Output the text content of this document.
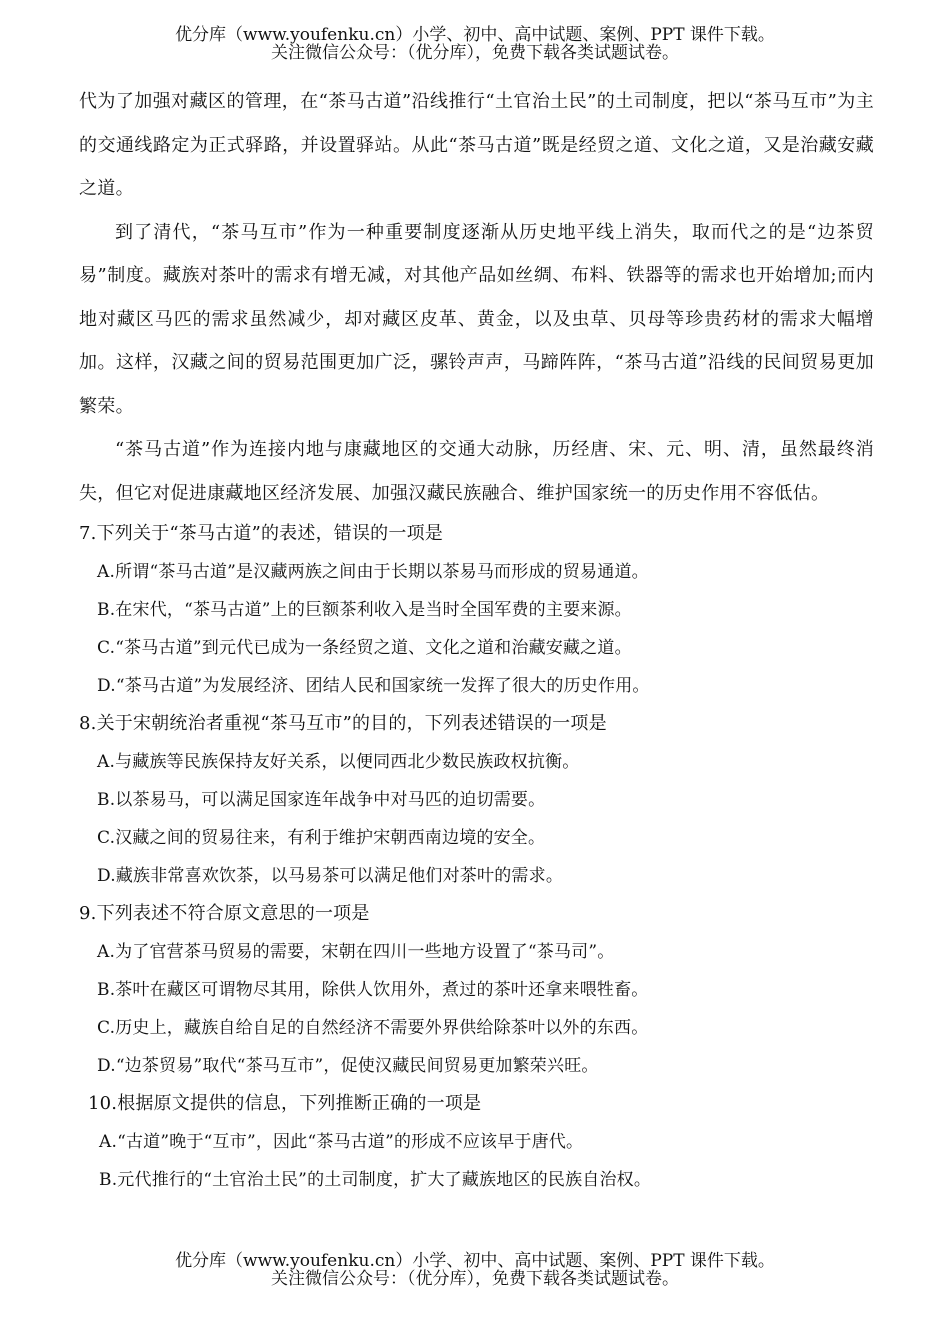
优分库（www.youfenku.cn）小学、初中、高中试题、案例、PPT 课件下载。
关注微信公众号：（优分库），免费下载各类试题试卷。

代为了加强对藏区的管理，在“茶马古道”沿线推行“土官治土民”的土司制度，把以“茶马互市”为主的交通线路定为正式驿路，并设置驿站。从此“茶马古道”既是经贸之道、文化之道，又是治藏安藏之道。

到了清代，“茶马互市”作为一种重要制度逐渐从历史地平线上消失，取而代之的是“边茶贸易”制度。藏族对茶叶的需求有增无减，对其他产品如丝绸、布料、铁器等的需求也开始增加;而内地对藏区马匹的需求虽然减少，却对藏区皮革、黄金，以及虫草、贝母等珍贵药材的需求大幅增加。这样，汉藏之间的贸易范围更加广泛，骡铃声声，马蹄阵阵，“茶马古道”沿线的民间贸易更加繁荣。

“茶马古道”作为连接内地与康藏地区的交通大动脉，历经唐、宋、元、明、清，虽然最终消失，但它对促进康藏地区经济发展、加强汉藏民族融合、维护国家统一的历史作用不容低估。

7.下列关于“茶马古道”的表述，错误的一项是

A.所谓“茶马古道”是汉藏两族之间由于长期以茶易马而形成的贸易通道。

B.在宋代，“茶马古道”上的巨额茶利收入是当时全国军费的主要来源。

C.“茶马古道”到元代已成为一条经贸之道、文化之道和治藏安藏之道。

D.“茶马古道”为发展经济、团结人民和国家统一发挥了很大的历史作用。

8.关于宋朝统治者重视“茶马互市”的目的，下列表述错误的一项是

A.与藏族等民族保持友好关系，以便同西北少数民族政权抗衡。

B.以茶易马，可以满足国家连年战争中对马匹的迫切需要。

C.汉藏之间的贸易往来，有利于维护宋朝西南边境的安全。

D.藏族非常喜欢饮茶，以马易茶可以满足他们对茶叶的需求。

9.下列表述不符合原文意思的一项是

A.为了官营茶马贸易的需要，宋朝在四川一些地方设置了“茶马司”。

B.茶叶在藏区可谓物尽其用，除供人饮用外，煮过的茶叶还拿来喂牲畜。

C.历史上，藏族自给自足的自然经济不需要外界供给除茶叶以外的东西。

D.“边茶贸易”取代“茶马互市”，促使汉藏民间贸易更加繁荣兴旺。

10.根据原文提供的信息，下列推断正确的一项是

A.“古道”晚于“互市”，因此“茶马古道”的形成不应该早于唐代。

B.元代推行的“土官治土民”的土司制度，扩大了藏族地区的民族自治权。

优分库（www.youfenku.cn）小学、初中、高中试题、案例、PPT 课件下载。
关注微信公众号：（优分库），免费下载各类试题试卷。
